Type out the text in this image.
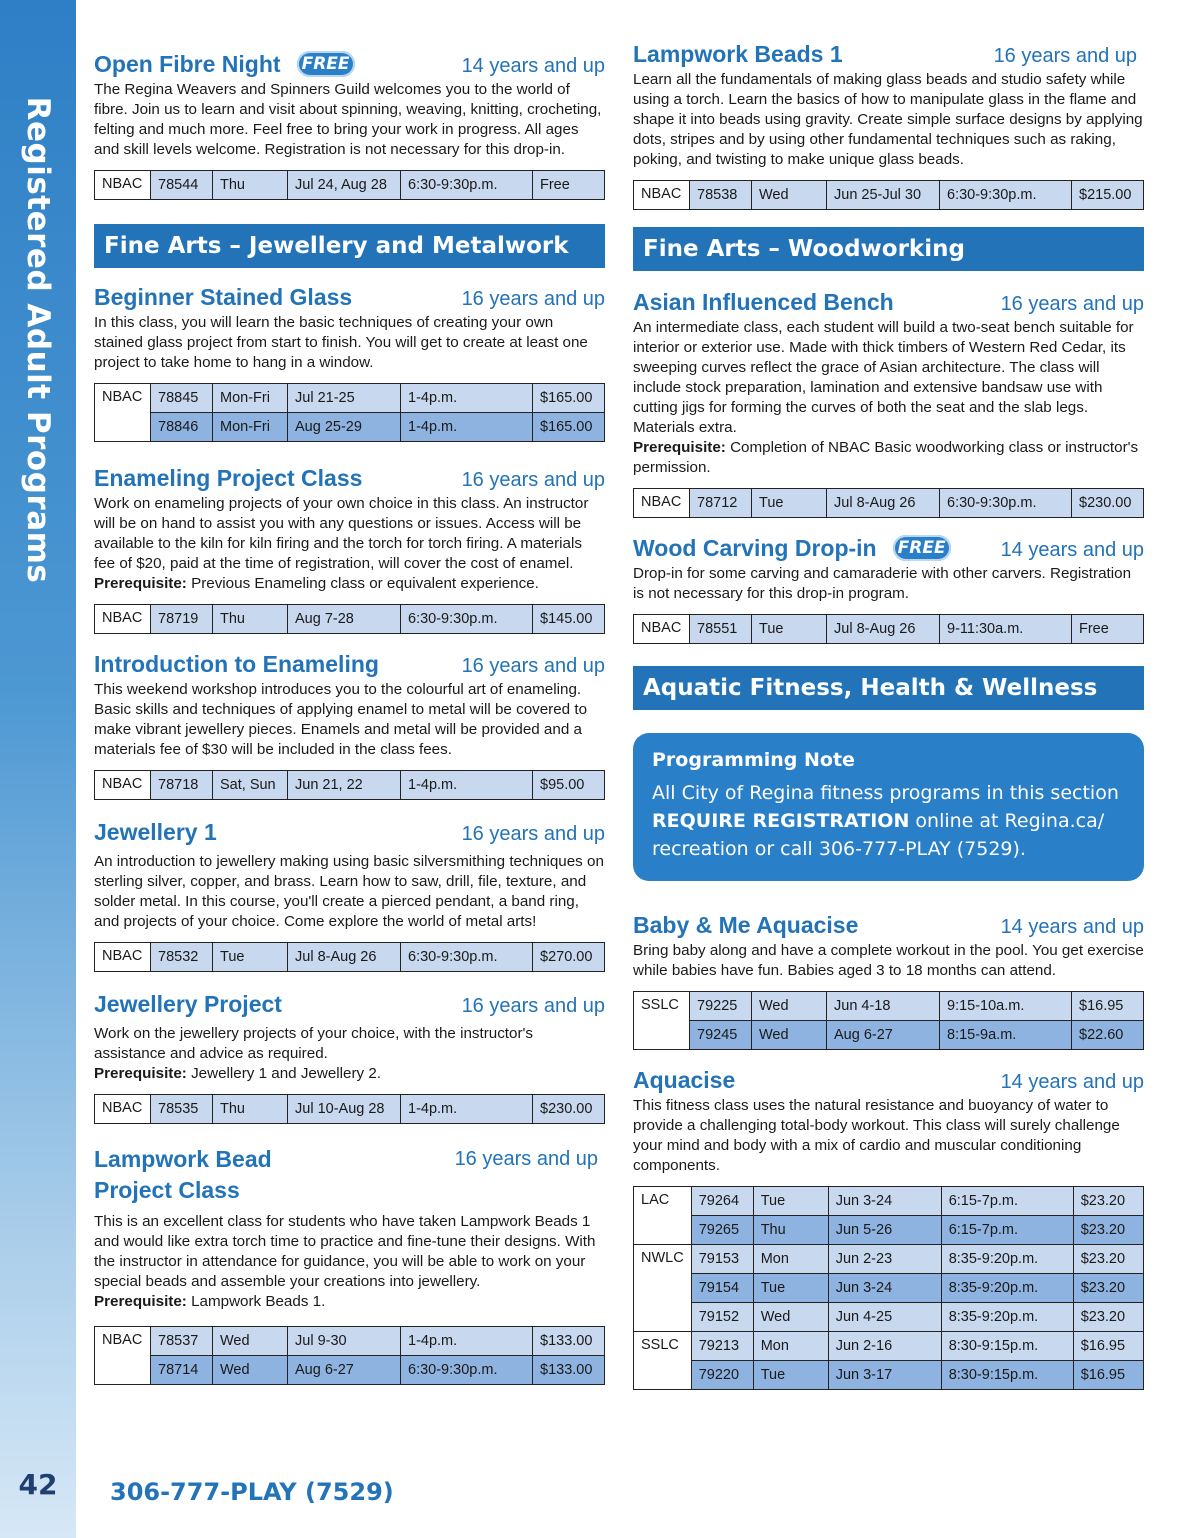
Registered Adult Programs
42	306-777-PLAY (7529)
Open Fibre Night FREE	14 years and up

The Regina Weavers and Spinners Guild welcomes you to the world of fibre. Join us to learn and visit about spinning, weaving, knitting, crocheting, felting and much more. Feel free to bring your work in progress. All ages and skill levels welcome. Registration is not necessary for this drop-in.

NBAC	78544	Thu	Jul 24, Aug 28	6:30-9:30p.m.	Free
Fine Arts – Jewellery and Metalwork
Beginner Stained Glass	16 years and up

In this class, you will learn the basic techniques of creating your own stained glass project from start to finish. You will get to create at least one project to take home to hang in a window.

NBAC	78845	Mon-Fri	Jul 21-25	1-4p.m.	$165.00
	78846	Mon-Fri	Aug 25-29	1-4p.m.	$165.00
Enameling Project Class	16 years and up

Work on enameling projects of your own choice in this class. An instructor will be on hand to assist you with any questions or issues. Access will be available to the kiln for kiln firing and the torch for torch firing. A materials fee of $20, paid at the time of registration, will cover the cost of enamel.
Prerequisite: Previous Enameling class or equivalent experience.

NBAC	78719	Thu	Aug 7-28	6:30-9:30p.m.	$145.00
Introduction to Enameling	16 years and up

This weekend workshop introduces you to the colourful art of enameling. Basic skills and techniques of applying enamel to metal will be covered to make vibrant jewellery pieces. Enamels and metal will be provided and a materials fee of $30 will be included in the class fees.

NBAC	78718	Sat, Sun	Jun 21, 22	1-4p.m.	$95.00
Jewellery 1	16 years and up

An introduction to jewellery making using basic silversmithing techniques on sterling silver, copper, and brass. Learn how to saw, drill, file, texture, and solder metal. In this course, you'll create a pierced pendant, a band ring, and projects of your choice. Come explore the world of metal arts!

NBAC	78532	Tue	Jul 8-Aug 26	6:30-9:30p.m.	$270.00
Jewellery Project	16 years and up

Work on the jewellery projects of your choice, with the instructor's assistance and advice as required.
Prerequisite: Jewellery 1 and Jewellery 2.

NBAC	78535	Thu	Jul 10-Aug 28	1-4p.m.	$230.00
Lampwork Bead
Project Class
16 years and up

This is an excellent class for students who have taken Lampwork Beads 1 and would like extra torch time to practice and fine-tune their designs. With the instructor in attendance for guidance, you will be able to work on your special beads and assemble your creations into jewellery.
Prerequisite: Lampwork Beads 1.

NBAC	78537	Wed	Jul 9-30	1-4p.m.	$133.00
	78714	Wed	Aug 6-27	6:30-9:30p.m.	$133.00
Lampwork Beads 1	16 years and up

Learn all the fundamentals of making glass beads and studio safety while using a torch. Learn the basics of how to manipulate glass in the flame and shape it into beads using gravity. Create simple surface designs by applying dots, stripes and by using other fundamental techniques such as raking, poking, and twisting to make unique glass beads.

NBAC	78538	Wed	Jun 25-Jul 30	6:30-9:30p.m.	$215.00
Fine Arts – Woodworking
Asian Influenced Bench	16 years and up

An intermediate class, each student will build a two-seat bench suitable for interior or exterior use. Made with thick timbers of Western Red Cedar, its sweeping curves reflect the grace of Asian architecture. The class will include stock preparation, lamination and extensive bandsaw use with cutting jigs for forming the curves of both the seat and the slab legs. Materials extra.
Prerequisite: Completion of NBAC Basic woodworking class or instructor's permission.

NBAC	78712	Tue	Jul 8-Aug 26	6:30-9:30p.m.	$230.00
Wood Carving Drop-in FREE	14 years and up

Drop-in for some carving and camaraderie with other carvers. Registration is not necessary for this drop-in program.

NBAC	78551	Tue	Jul 8-Aug 26	9-11:30a.m.	Free
Aquatic Fitness, Health & Wellness
Programming Note
All City of Regina fitness programs in this section REQUIRE REGISTRATION online at Regina.ca/ recreation or call 306-777-PLAY (7529).
Baby & Me Aquacise	14 years and up

Bring baby along and have a complete workout in the pool. You get exercise while babies have fun. Babies aged 3 to 18 months can attend.

SSLC	79225	Wed	Jun 4-18	9:15-10a.m.	$16.95
	79245	Wed	Aug 6-27	8:15-9a.m.	$22.60
Aquacise	14 years and up

This fitness class uses the natural resistance and buoyancy of water to provide a challenging total-body workout. This class will surely challenge your mind and body with a mix of cardio and muscular conditioning components.

LAC	79264	Tue	Jun 3-24	6:15-7p.m.	$23.20
	79265	Thu	Jun 5-26	6:15-7p.m.	$23.20
NWLC	79153	Mon	Jun 2-23	8:35-9:20p.m.	$23.20
	79154	Tue	Jun 3-24	8:35-9:20p.m.	$23.20
	79152	Wed	Jun 4-25	8:35-9:20p.m.	$23.20
SSLC	79213	Mon	Jun 2-16	8:30-9:15p.m.	$16.95
	79220	Tue	Jun 3-17	8:30-9:15p.m.	$16.95
